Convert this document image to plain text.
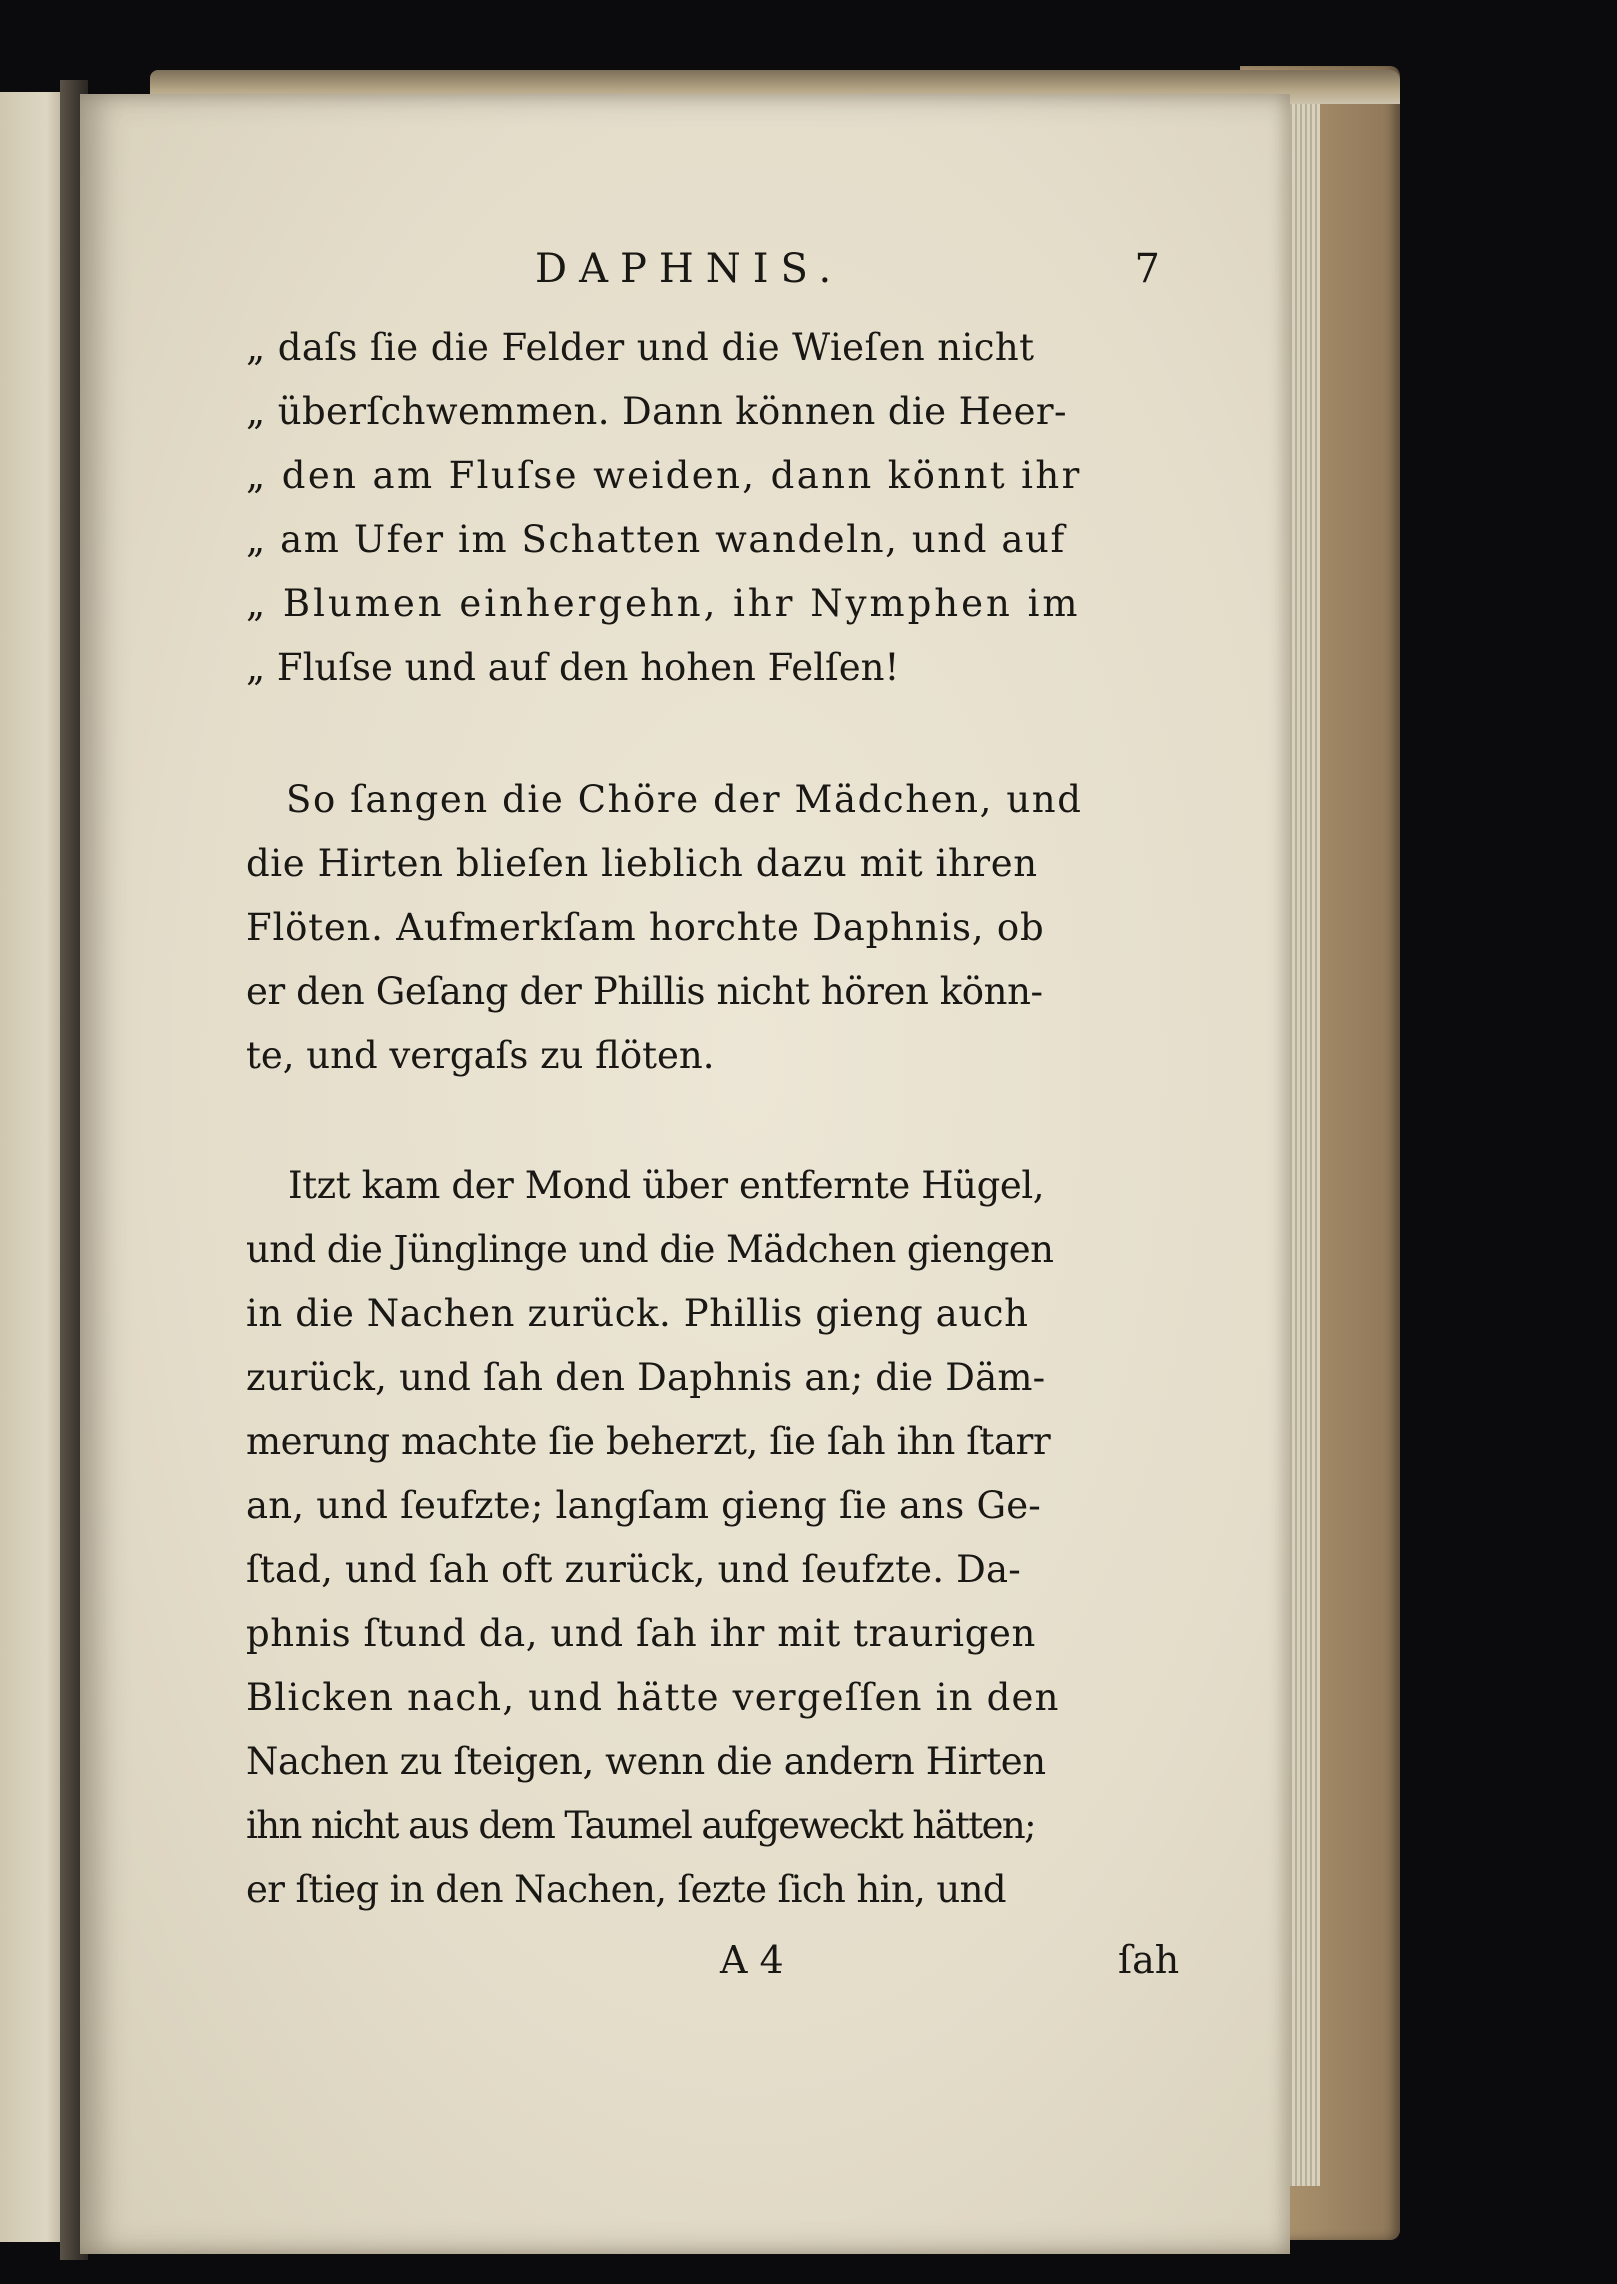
DAPHNIS.	7
„ daſs ſie die Felder und die Wieſen nicht
„ überſchwemmen. Dann können die Heer-
„ den am Fluſse weiden, dann könnt ihr
„ am Ufer im Schatten wandeln, und auf
„ Blumen einhergehn, ihr Nymphen im
„ Fluſse und auf den hohen Felſen!
So ſangen die Chöre der Mädchen, und
die Hirten blieſen lieblich dazu mit ihren
Flöten. Aufmerkſam horchte Daphnis, ob
er den Geſang der Phillis nicht hören könn-
te, und vergaſs zu flöten.
Itzt kam der Mond über entfernte Hügel,
und die Jünglinge und die Mädchen giengen
in die Nachen zurück. Phillis gieng auch
zurück, und ſah den Daphnis an; die Däm-
merung machte ſie beherzt, ſie ſah ihn ſtarr
an, und ſeufzte; langſam gieng ſie ans Ge-
ſtad, und ſah oft zurück, und ſeufzte. Da-
phnis ſtund da, und ſah ihr mit traurigen
Blicken nach, und hätte vergeſſen in den
Nachen zu ſteigen, wenn die andern Hirten
ihn nicht aus dem Taumel aufgeweckt hätten;
er ſtieg in den Nachen, ſezte ſich hin, und
A 4	ſah
